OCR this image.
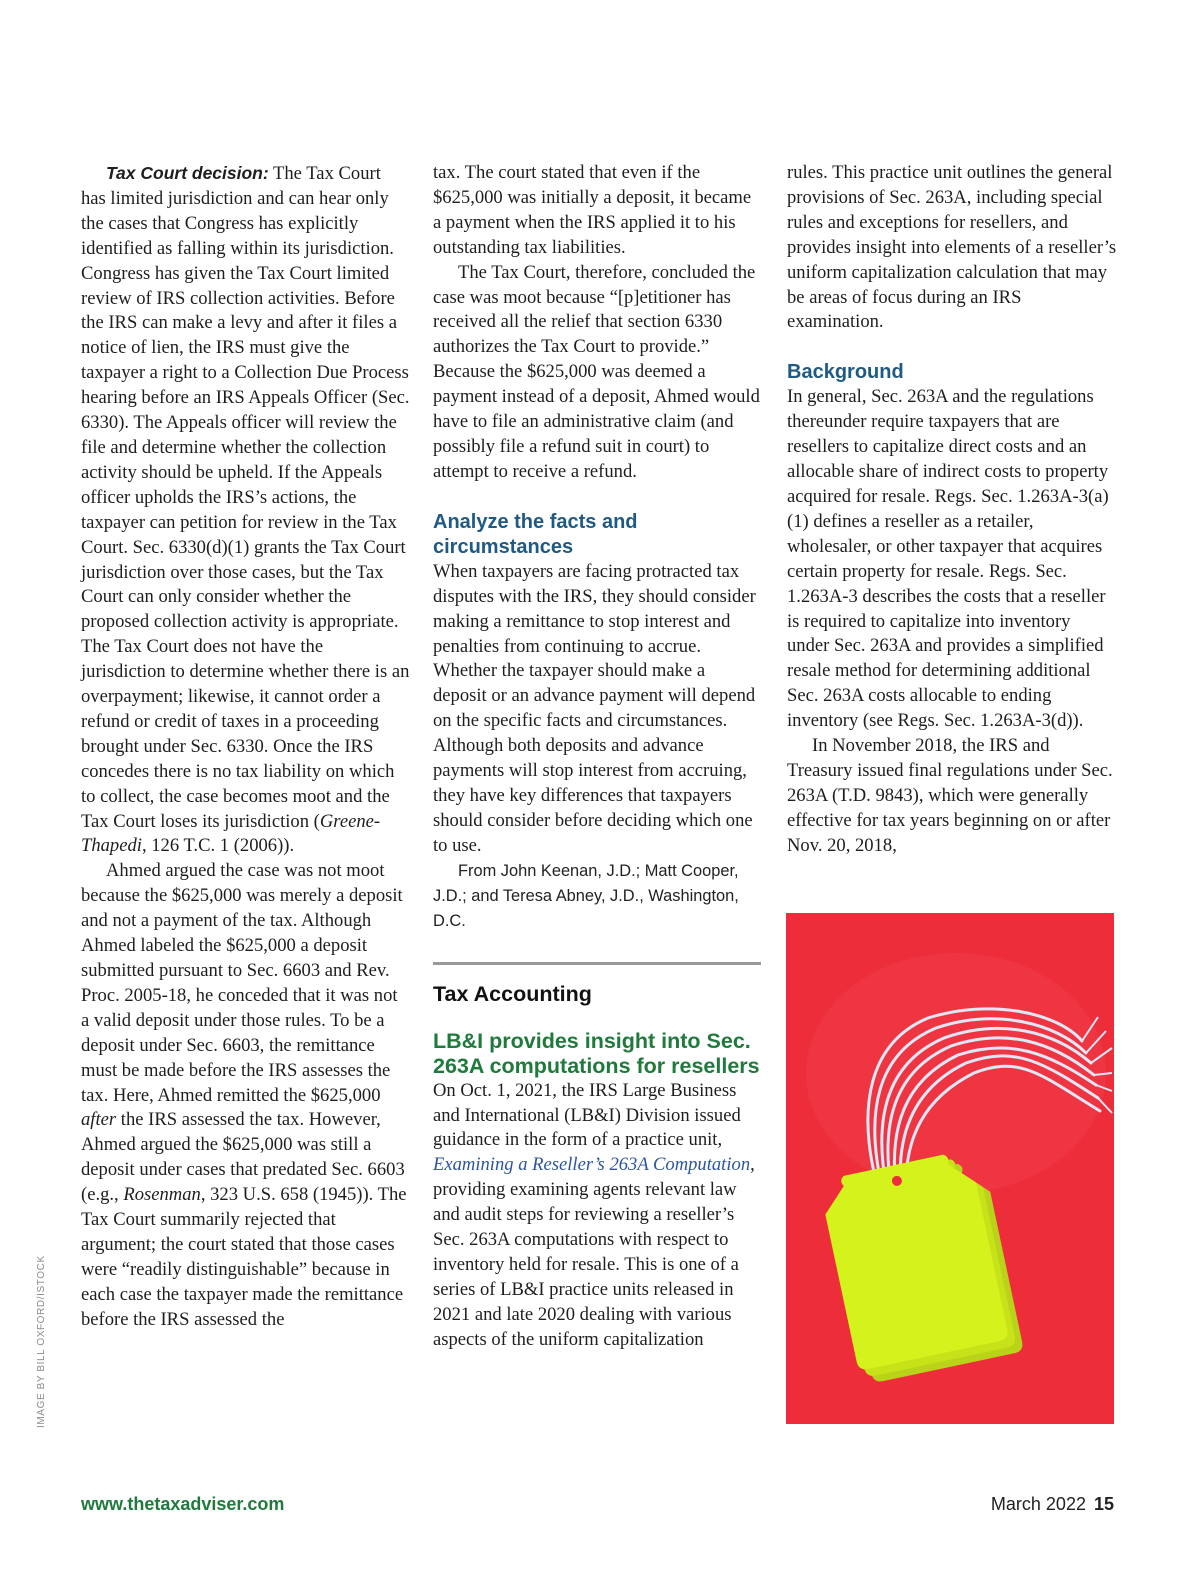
Tax Court decision: The Tax Court has limited jurisdiction and can hear only the cases that Congress has explicitly identified as falling within its jurisdiction. Congress has given the Tax Court limited review of IRS collection activities. Before the IRS can make a levy and after it files a notice of lien, the IRS must give the taxpayer a right to a Collection Due Process hearing before an IRS Appeals Officer (Sec. 6330). The Appeals officer will review the file and determine whether the collection activity should be upheld. If the Appeals officer upholds the IRS’s actions, the taxpayer can petition for review in the Tax Court. Sec. 6330(d)(1) grants the Tax Court jurisdiction over those cases, but the Tax Court can only consider whether the proposed collection activity is appropriate. The Tax Court does not have the jurisdiction to determine whether there is an overpayment; likewise, it cannot order a refund or credit of taxes in a proceeding brought under Sec. 6330. Once the IRS concedes there is no tax liability on which to collect, the case becomes moot and the Tax Court loses its jurisdiction (Greene-Thapedi, 126 T.C. 1 (2006)).

Ahmed argued the case was not moot because the $625,000 was merely a deposit and not a payment of the tax. Although Ahmed labeled the $625,000 a deposit submitted pursuant to Sec. 6603 and Rev. Proc. 2005-18, he conceded that it was not a valid deposit under those rules. To be a deposit under Sec. 6603, the remittance must be made before the IRS assesses the tax. Here, Ahmed remitted the $625,000 after the IRS assessed the tax. However, Ahmed argued the $625,000 was still a deposit under cases that predated Sec. 6603 (e.g., Rosenman, 323 U.S. 658 (1945)). The Tax Court summarily rejected that argument; the court stated that those cases were “readily distinguishable” because in each case the taxpayer made the remittance before the IRS assessed the

tax. The court stated that even if the $625,000 was initially a deposit, it became a payment when the IRS applied it to his outstanding tax liabilities.

The Tax Court, therefore, concluded the case was moot because “[p]etitioner has received all the relief that section 6330 authorizes the Tax Court to provide.” Because the $625,000 was deemed a payment instead of a deposit, Ahmed would have to file an administrative claim (and possibly file a refund suit in court) to attempt to receive a refund.

Analyze the facts and circumstances

When taxpayers are facing protracted tax disputes with the IRS, they should consider making a remittance to stop interest and penalties from continuing to accrue. Whether the taxpayer should make a deposit or an advance payment will depend on the specific facts and circumstances. Although both deposits and advance payments will stop interest from accruing, they have key differences that taxpayers should consider before deciding which one to use.

From John Keenan, J.D.; Matt Cooper, J.D.; and Teresa Abney, J.D., Washington, D.C.

Tax Accounting
LB&I provides insight into Sec. 263A computations for resellers

On Oct. 1, 2021, the IRS Large Business and International (LB&I) Division issued guidance in the form of a practice unit, Examining a Reseller’s 263A Computation, providing examining agents relevant law and audit steps for reviewing a reseller’s Sec. 263A computations with respect to inventory held for resale. This is one of a series of LB&I practice units released in 2021 and late 2020 dealing with various aspects of the uniform capitalization

rules. This practice unit outlines the general provisions of Sec. 263A, including special rules and exceptions for resellers, and provides insight into elements of a reseller’s uniform capitalization calculation that may be areas of focus during an IRS examination.

Background

In general, Sec. 263A and the regulations thereunder require taxpayers that are resellers to capitalize direct costs and an allocable share of indirect costs to property acquired for resale. Regs. Sec. 1.263A-3(a)(1) defines a reseller as a retailer, wholesaler, or other taxpayer that acquires certain property for resale. Regs. Sec. 1.263A-3 describes the costs that a reseller is required to capitalize into inventory under Sec. 263A and provides a simplified resale method for determining additional Sec. 263A costs allocable to ending inventory (see Regs. Sec. 1.263A-3(d)).

In November 2018, the IRS and Treasury issued final regulations under Sec. 263A (T.D. 9843), which were generally effective for tax years beginning on or after Nov. 20, 2018,

IMAGE BY BILL OXFORD/ISTOCK
www.thetaxadviser.com	March 2022 15
